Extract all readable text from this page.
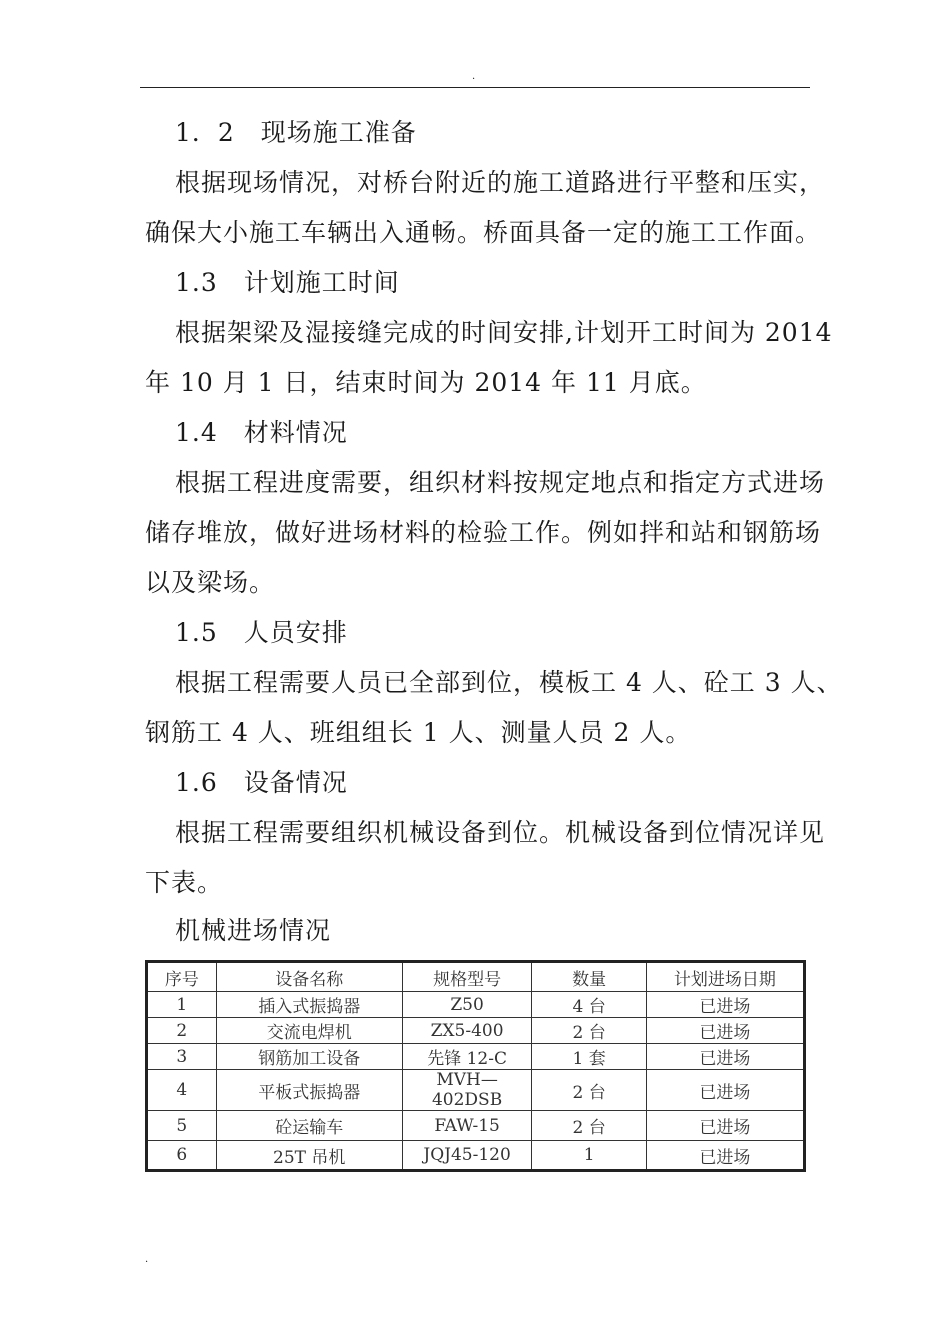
.
1．2　现场施工准备
根据现场情况，对桥台附近的施工道路进行平整和压实，
确保大小施工车辆出入通畅。桥面具备一定的施工工作面。
1.3　计划施工时间
根据架梁及湿接缝完成的时间安排,计划开工时间为 2014
年 10 月 1 日，结束时间为 2014 年 11 月底。
1.4　材料情况
根据工程进度需要，组织材料按规定地点和指定方式进场
储存堆放，做好进场材料的检验工作。例如拌和站和钢筋场
以及梁场。
1.5　人员安排
根据工程需要人员已全部到位，模板工 4 人、砼工 3 人、
钢筋工 4 人、班组组长 1 人、测量人员 2 人。
1.6　设备情况
根据工程需要组织机械设备到位。机械设备到位情况详见
下表。
机械进场情况
序号	设备名称	规格型号	数量	计划进场日期
1	插入式振捣器	Z50	4 台	已进场
2	交流电焊机	ZX5-400	2 台	已进场
3	钢筋加工设备	先锋 12-C	1 套	已进场
4	平板式振捣器	MVH—402DSB	2 台	已进场
5	砼运输车	FAW-15	2 台	已进场
6	25T 吊机	JQJ45-120	1	已进场
.
